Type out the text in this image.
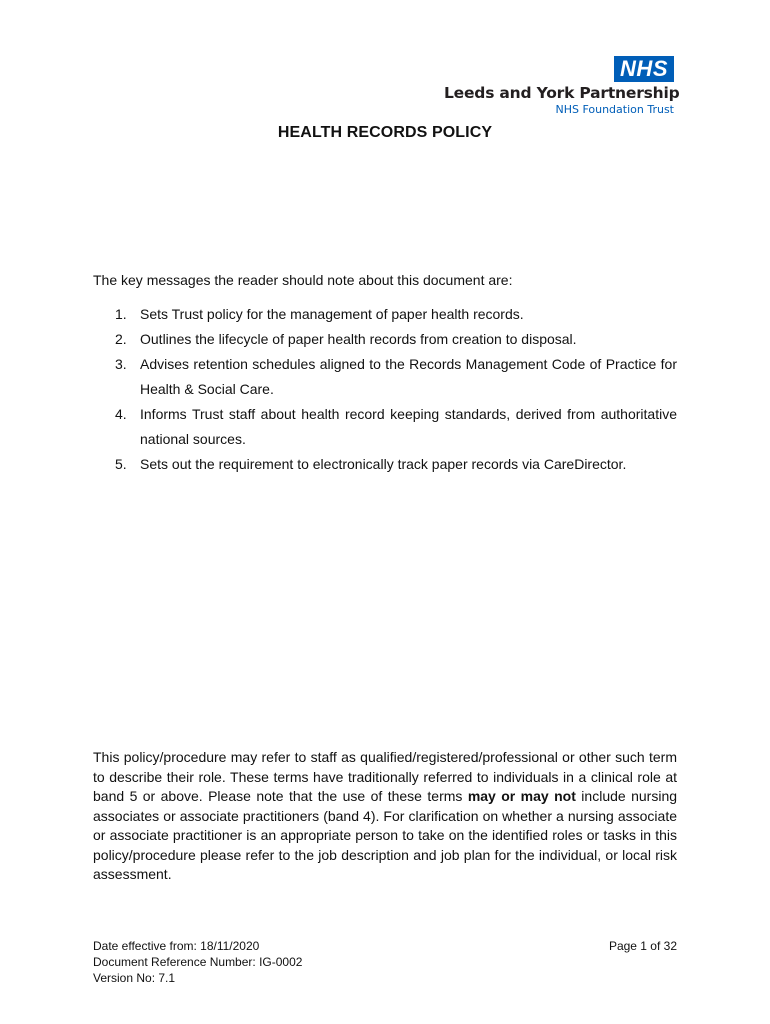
NHS
Leeds and York Partnership
NHS Foundation Trust
HEALTH RECORDS POLICY
The key messages the reader should note about this document are:
1. Sets Trust policy for the management of paper health records.
2. Outlines the lifecycle of paper health records from creation to disposal.
3. Advises retention schedules aligned to the Records Management Code of Practice for Health & Social Care.
4. Informs Trust staff about health record keeping standards, derived from authoritative national sources.
5. Sets out the requirement to electronically track paper records via CareDirector.

This policy/procedure may refer to staff as qualified/registered/professional or other such term to describe their role. These terms have traditionally referred to individuals in a clinical role at band 5 or above. Please note that the use of these terms may or may not include nursing associates or associate practitioners (band 4). For clarification on whether a nursing associate or associate practitioner is an appropriate person to take on the identified roles or tasks in this policy/procedure please refer to the job description and job plan for the individual, or local risk assessment.

Date effective from: 18/11/2020
Document Reference Number: IG-0002
Version No: 7.1
Page 1 of 32
